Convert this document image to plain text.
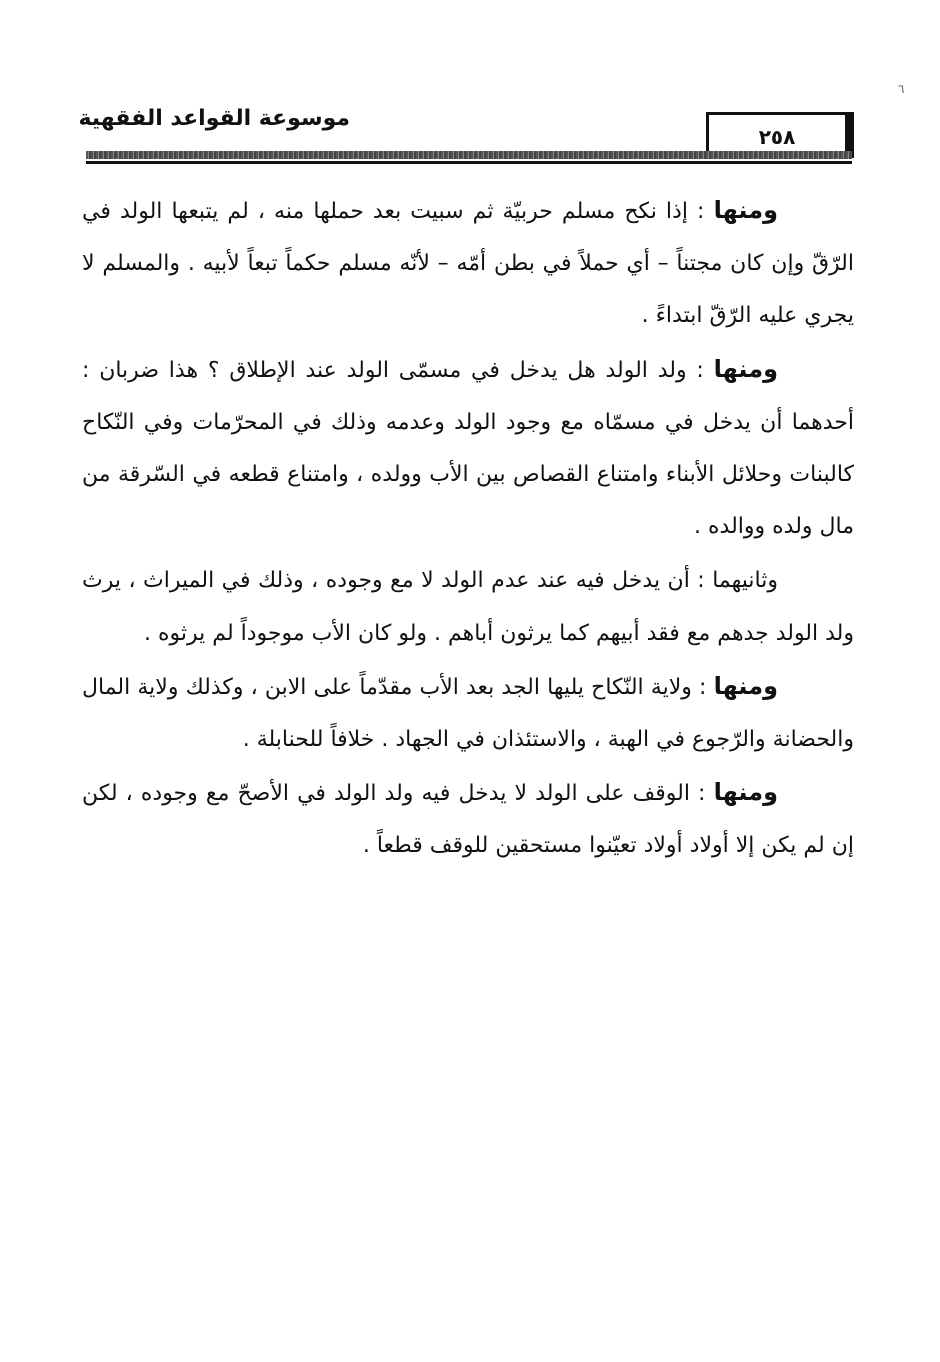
٦
٢٥٨
موسوعة القواعد الفقهية

ومنها : إذا نكح مسلم حربيّة ثم سبيت بعد حملها منه ، لم يتبعها الولد في الرّقّ وإن كان مجتناً – أي حملاً في بطن أمّه – لأنّه مسلم حكماً تبعاً لأبيه . والمسلم لا يجري عليه الرّقّ ابتداءً .

ومنها : ولد الولد هل يدخل في مسمّى الولد عند الإطلاق ؟ هذا ضربان : أحدهما أن يدخل في مسمّاه مع وجود الولد وعدمه وذلك في المحرّمات وفي النّكاح كالبنات وحلائل الأبناء وامتناع القصاص بين الأب وولده ، وامتناع قطعه في السّرقة من مال ولده ووالده .

وثانيهما : أن يدخل فيه عند عدم الولد لا مع وجوده ، وذلك في الميراث ، يرث ولد الولد جدهم مع فقد أبيهم كما يرثون أباهم . ولو كان الأب موجوداً لم يرثوه .

ومنها : ولاية النّكاح يليها الجد بعد الأب مقدّماً على الابن ، وكذلك ولاية المال والحضانة والرّجوع في الهبة ، والاستئذان في الجهاد . خلافاً للحنابلة .

ومنها : الوقف على الولد لا يدخل فيه ولد الولد في الأصحّ مع وجوده ، لكن إن لم يكن إلا أولاد أولاد تعيّنوا مستحقين للوقف قطعاً .
